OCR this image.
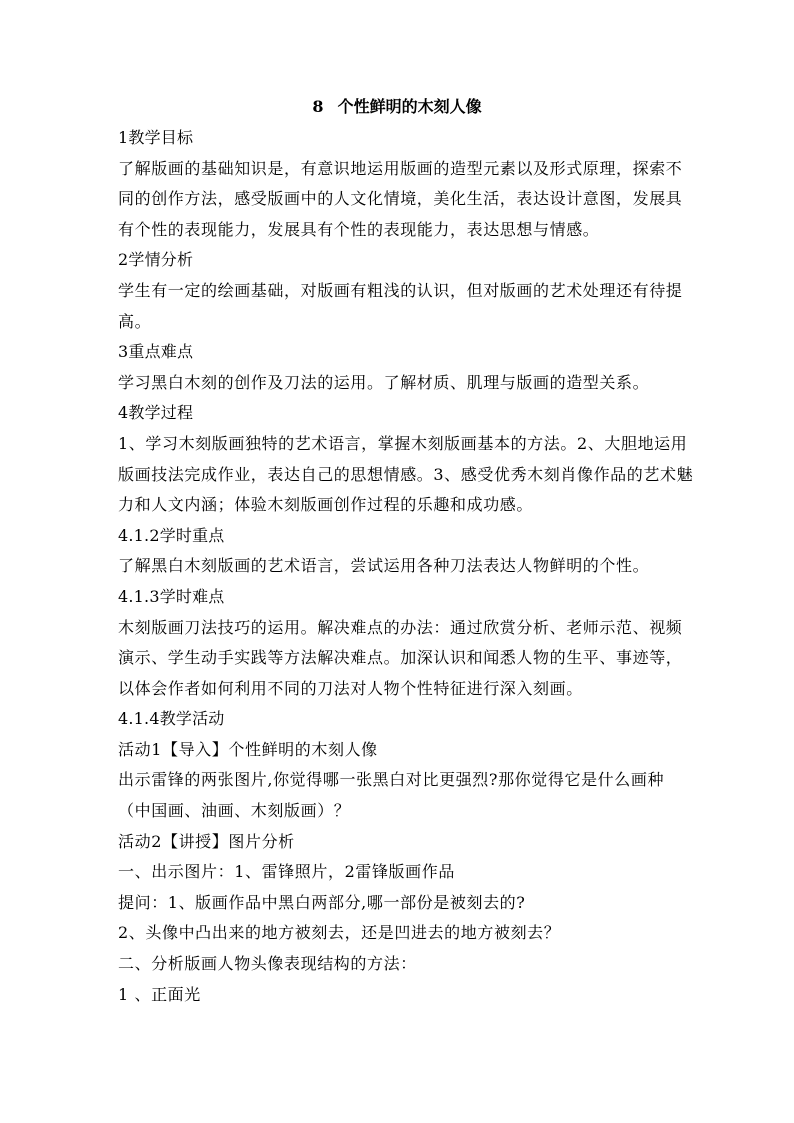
8 个性鲜明的木刻人像
1教学目标
了解版画的基础知识是，有意识地运用版画的造型元素以及形式原理，探索不
同的创作方法，感受版画中的人文化情境，美化生活，表达设计意图，发展具
有个性的表现能力，发展具有个性的表现能力，表达思想与情感。
2学情分析
学生有一定的绘画基础，对版画有粗浅的认识，但对版画的艺术处理还有待提
高。
3重点难点
学习黑白木刻的创作及刀法的运用。了解材质、肌理与版画的造型关系。
4教学过程
1、学习木刻版画独特的艺术语言，掌握木刻版画基本的方法。2、大胆地运用
版画技法完成作业，表达自己的思想情感。3、感受优秀木刻肖像作品的艺术魅
力和人文内涵；体验木刻版画创作过程的乐趣和成功感。
4.1.2学时重点
了解黑白木刻版画的艺术语言，尝试运用各种刀法表达人物鲜明的个性。
4.1.3学时难点
木刻版画刀法技巧的运用。解决难点的办法：通过欣赏分析、老师示范、视频
演示、学生动手实践等方法解决难点。加深认识和闻悉人物的生平、事迹等，
以体会作者如何利用不同的刀法对人物个性特征进行深入刻画。
4.1.4教学活动
活动1【导入】个性鲜明的木刻人像
出示雷锋的两张图片,你觉得哪一张黑白对比更强烈?那你觉得它是什么画种
（中国画、油画、木刻版画）？
活动2【讲授】图片分析
一、出示图片：1、雷锋照片，2雷锋版画作品
提问：1、版画作品中黑白两部分,哪一部份是被刻去的?
2、头像中凸出来的地方被刻去，还是凹进去的地方被刻去？
二、分析版画人物头像表现结构的方法：
1 、正面光
